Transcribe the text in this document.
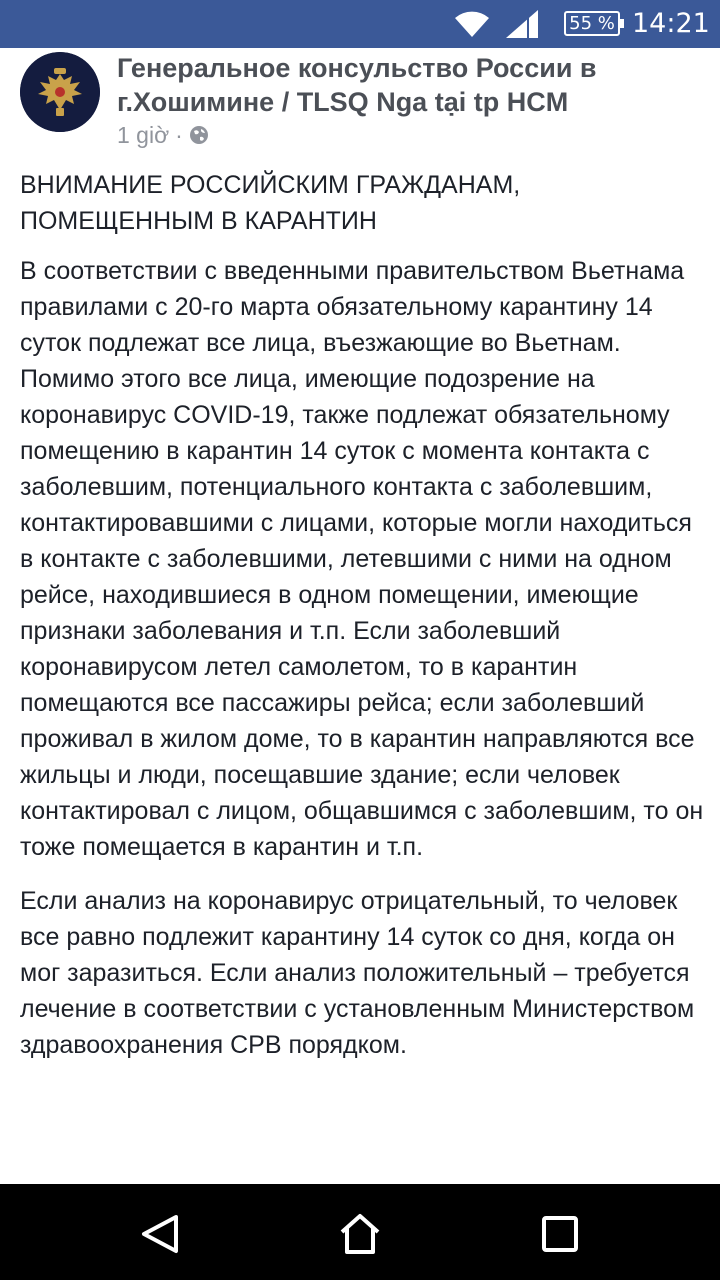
55 % 14:21
Генеральное консульство России в г.Хошимине / TLSQ Nga tại tp HCM
1 giờ ·

ВНИМАНИЕ РОССИЙСКИМ ГРАЖДАНАМ, ПОМЕЩЕННЫМ В КАРАНТИН

В соответствии с введенными правительством Вьетнама правилами с 20-го марта обязательному карантину 14 суток подлежат все лица, въезжающие во Вьетнам. Помимо этого все лица, имеющие подозрение на коронавирус COVID-19, также подлежат обязательному помещению в карантин 14 суток с момента контакта с заболевшим, потенциального контакта с заболевшим, контактировавшими с лицами, которые могли находиться в контакте с заболевшими, летевшими с ними на одном рейсе, находившиеся в одном помещении, имеющие признаки заболевания и т.п. Если заболевший коронавирусом летел самолетом, то в карантин помещаются все пассажиры рейса; если заболевший проживал в жилом доме, то в карантин направляются все жильцы и люди, посещавшие здание; если человек контактировал с лицом, общавшимся с заболевшим, то он тоже помещается в карантин и т.п.

Если анализ на коронавирус отрицательный, то человек все равно подлежит карантину 14 суток со дня, когда он мог заразиться. Если анализ положительный – требуется лечение в соответствии с установленным Министерством здравоохранения СРВ порядком.
